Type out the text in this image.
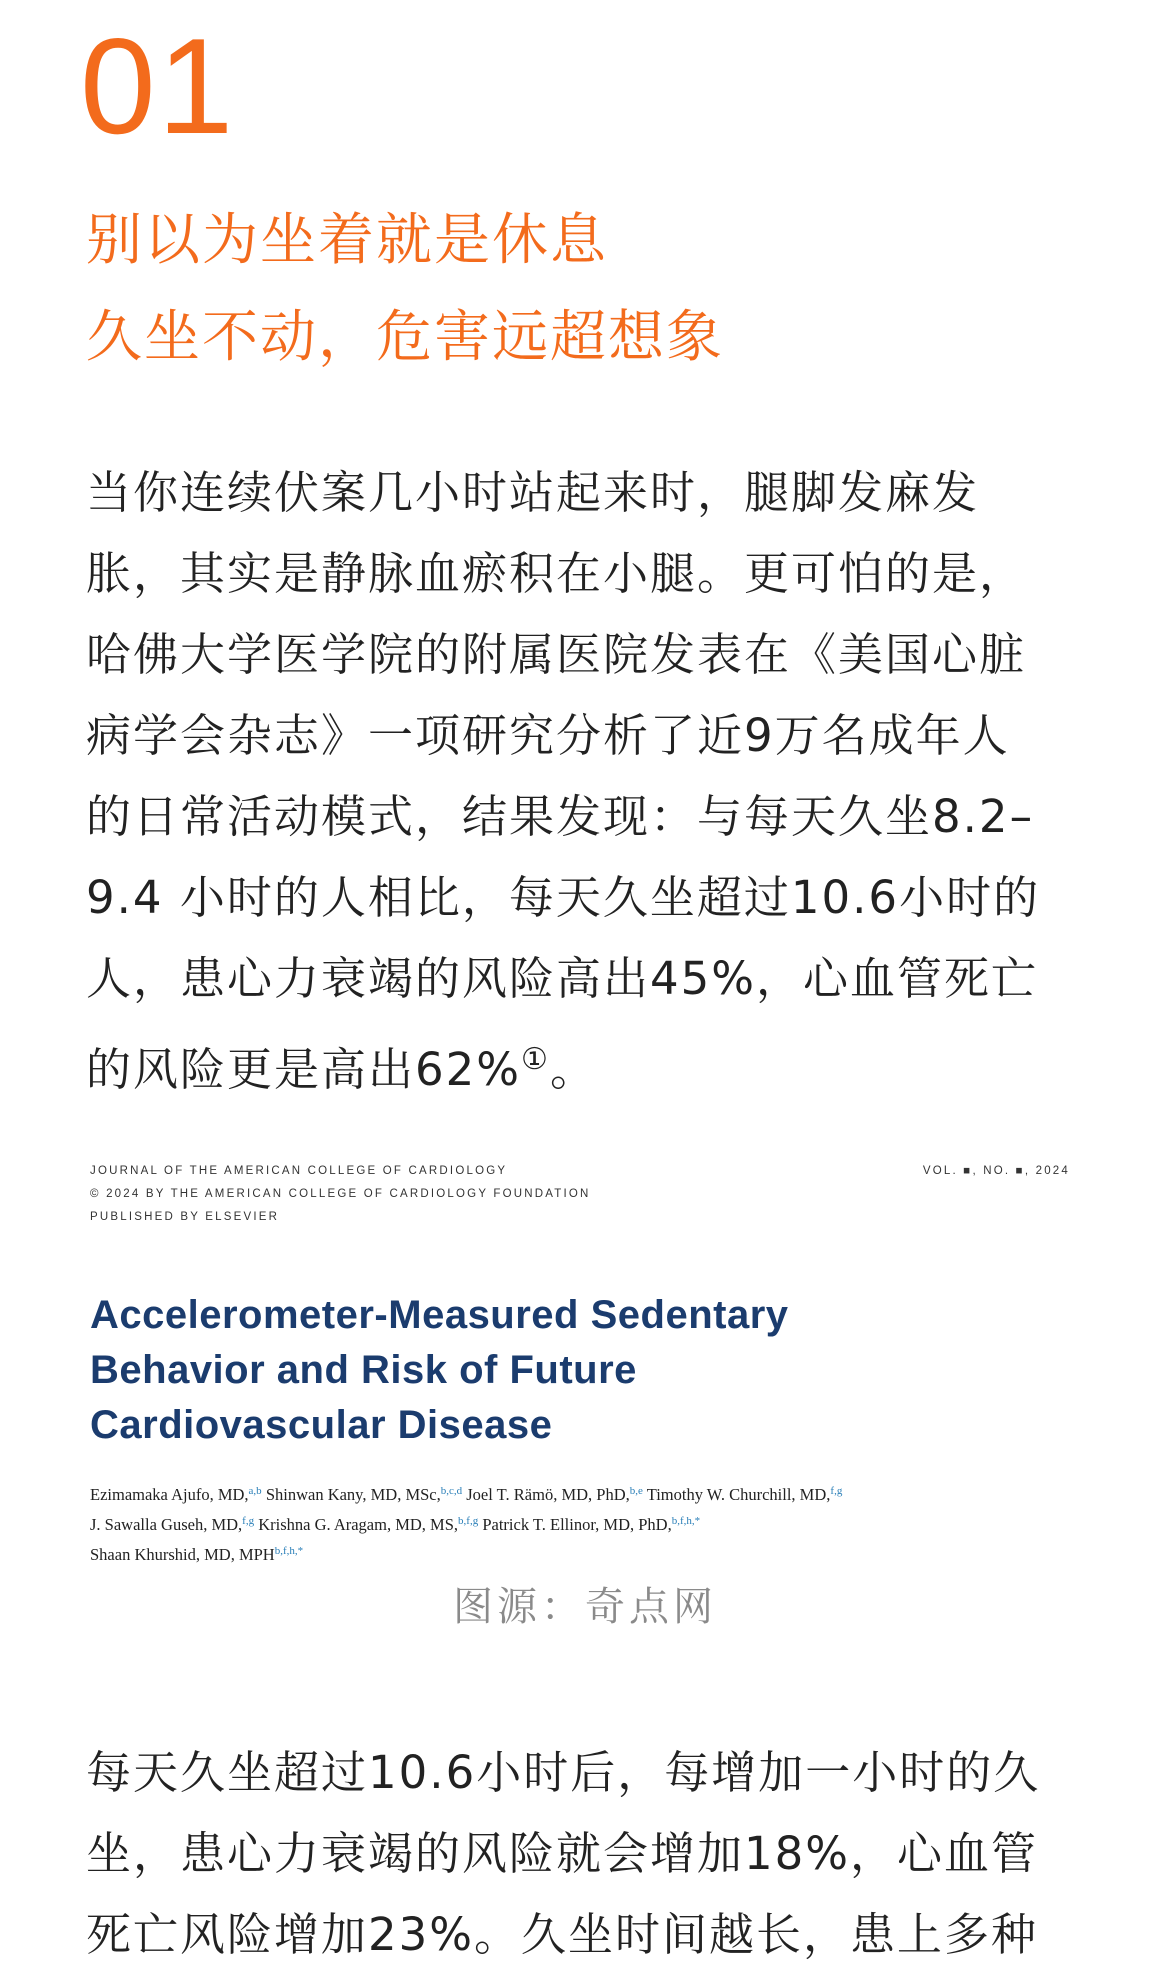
01
别以为坐着就是休息
久坐不动，危害远超想象
当你连续伏案几小时站起来时，腿脚发麻发
胀，其实是静脉血瘀积在小腿。更可怕的是，
哈佛大学医学院的附属医院发表在《美国心脏
病学会杂志》一项研究分析了近9万名成年人
的日常活动模式，结果发现：与每天久坐8.2–
9.4 小时的人相比，每天久坐超过10.6小时的
人，患心力衰竭的风险高出45%，心血管死亡
的风险更是高出62%①。
JOURNAL OF THE AMERICAN COLLEGE OF CARDIOLOGY
© 2024 BY THE AMERICAN COLLEGE OF CARDIOLOGY FOUNDATION
PUBLISHED BY ELSEVIER
VOL. ■, NO. ■, 2024
Accelerometer-Measured Sedentary
Behavior and Risk of Future
Cardiovascular Disease
Ezimamaka Ajufo, MD,$^{a,b}$ Shinwan Kany, MD, MSc,$^{b,c,d}$ Joel T. Rämö, MD, PhD,$^{b,e}$ Timothy W. Churchill, MD,$^{f,g}$
J. Sawalla Guseh, MD,$^{f,g}$ Krishna G. Aragam, MD, MS,$^{b,f,g}$ Patrick T. Ellinor, MD, PhD,$^{b,f,h,*}$
Shaan Khurshid, MD, MPH$^{b,f,h,*}$
图源：奇点网
每天久坐超过10.6小时后，每增加一小时的久
坐，患心力衰竭的风险就会增加18%，心血管
死亡风险增加23%。久坐时间越长，患上多种
